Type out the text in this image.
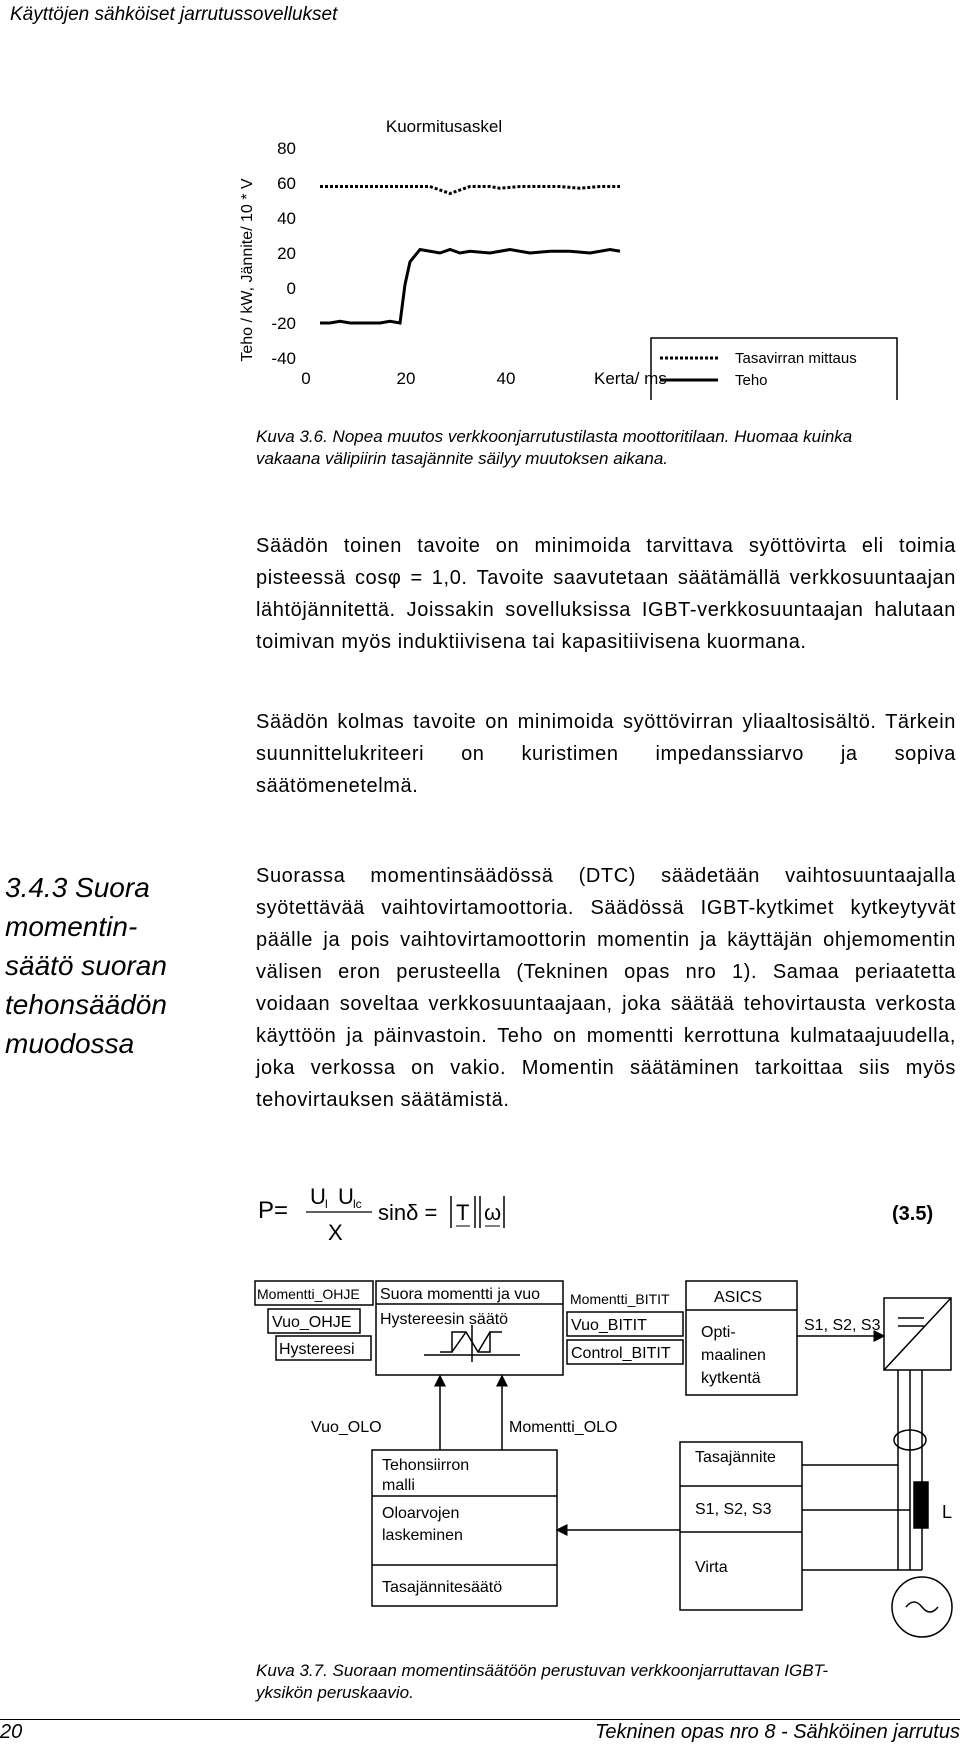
Käyttöjen sähköiset jarrutussovellukset
Kuormitusaskel
Teho / kW, Jännite/ 10 * V
Kerta/ ms
80
60
40
20
0
-20
-40
0	20	40
Tasavirran mittaus
Teho
Kuva 3.6. Nopea muutos verkkoonjarrutustilasta moottoritilaan. Huomaa kuinka vakaana välipiirin tasajännite säilyy muutoksen aikana.
Säädön toinen tavoite on minimoida tarvittava syöttövirta eli toimia pisteessä cosφ = 1,0. Tavoite saavutetaan säätämällä verkkosuuntaajan lähtöjännitettä. Joissakin sovelluksissa IGBT-verkkosuuntaajan halutaan toimivan myös induktiivisena tai kapasitiivisena kuormana.
Säädön kolmas tavoite on minimoida syöttövirran yliaaltosisältö. Tärkein suunnittelukriteeri on kuristimen impedanssiarvo ja sopiva säätömenetelmä.
3.4.3 Suora momentin-säätö suoran tehonsäädön muodossa
Suorassa momentinsäädössä (DTC) säädetään vaihtosuuntaajalla syötettävää vaihtovirtamoottoria. Säädössä IGBT-kytkimet kytkeytyvät päälle ja pois vaihtovirtamoottorin momentin ja käyttäjän ohjemomentin välisen eron perusteella (Tekninen opas nro 1). Samaa periaatetta voidaan soveltaa verkkosuuntaajaan, joka säätää tehovirtausta verkosta käyttöön ja päinvastoin. Teho on momentti kerrottuna kulmataajuudella, joka verkossa on vakio. Momentin säätäminen tarkoittaa siis myös tehovirtauksen säätämistä.
P=
U l U lc
X
sinδ = T ω	(3.5)
Momentti_OHJE
Vuo_OHJE
Hystereesi
Suora momentti ja vuo
Hystereesin säätö
Momentti_BITIT
Vuo_BITIT
Control_BITIT
ASICS
Opti-
maalinen
kytkentä
S1, S2, S3
Vuo_OLO	Momentti_OLO
Tehonsiirron
malli
Oloarvojen
laskeminen
Tasajännitesäätö
Tasajännite
S1, S2, S3
Virta
L
Kuva 3.7. Suoraan momentinsäätöön perustuvan verkkoonjarruttavan IGBT-yksikön peruskaavio.
20	Tekninen opas nro 8 - Sähköinen jarrutus
